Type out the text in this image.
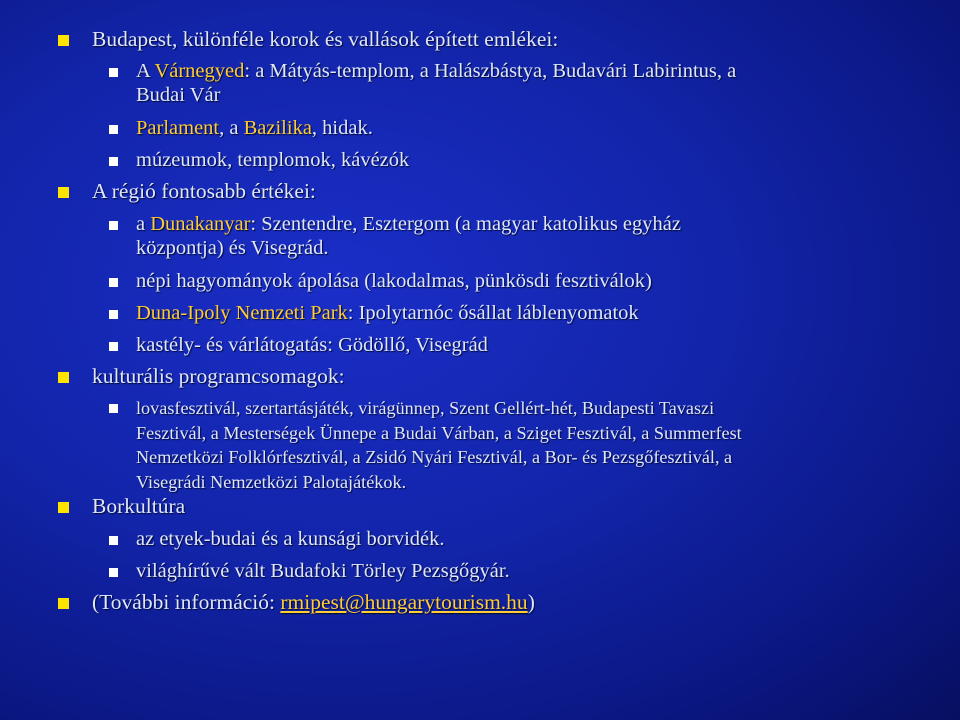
Budapest, különféle korok és vallások épített emlékei:
A Várnegyed: a Mátyás-templom, a Halászbástya, Budavári Labirintus, a
Budai Vár
Parlament, a Bazilika, hidak.
múzeumok, templomok, kávézók
A régió fontosabb értékei:
a Dunakanyar: Szentendre, Esztergom (a magyar katolikus egyház
központja) és Visegrád.
népi hagyományok ápolása (lakodalmas, pünkösdi fesztiválok)
Duna-Ipoly Nemzeti Park: Ipolytarnóc ősállat láblenyomatok
kastély- és várlátogatás: Gödöllő, Visegrád
kulturális programcsomagok:
lovasfesztivál, szertartásjáték, virágünnep, Szent Gellért-hét, Budapesti Tavaszi
Fesztivál, a Mesterségek Ünnepe a Budai Várban, a Sziget Fesztivál, a Summerfest
Nemzetközi Folklórfesztivál, a Zsidó Nyári Fesztivál, a Bor- és Pezsgőfesztivál, a
Visegrádi Nemzetközi Palotajátékok.
Borkultúra
az etyek-budai és a kunsági borvidék.
világhírűvé vált Budafoki Törley Pezsgőgyár.
(További információ: rmipest@hungarytourism.hu)
